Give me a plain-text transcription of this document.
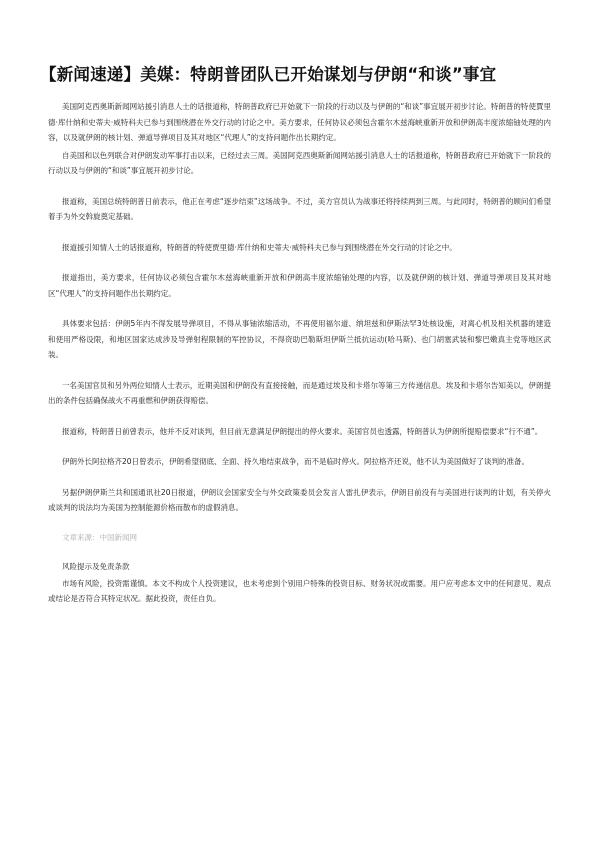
【新闻速递】美媒：特朗普团队已开始谋划与伊朗“和谈”事宜

美国阿克西奥斯新闻网站援引消息人士的话报道称，特朗普政府已开始就下一阶段的行动以及与伊朗的“和谈”事宜展开初步讨论。特朗普的特使賈里德·库什纳和史蒂夫·威特科夫已参与到围绕潜在外交行动的讨论之中。美方要求，任何协议必须包含霍尔木兹海峡重新开放和伊朗高丰度浓缩铀处理的内容，以及就伊朗的核计划、弹道导弹项目及其对地区“代理人”的支持问题作出长期约定。

自美国和以色列联合对伊朗发动军事打击以来，已经过去三周。美国阿克西奥斯新闻网站援引消息人士的话报道称，特朗普政府已开始就下一阶段的行动以及与伊朗的“和谈”事宜展开初步讨论。

报道称，美国总统特朗普日前表示，他正在考虑“逐步结束”这场战争。不过，美方官员认为战事还将持续两到三周。与此同时，特朗普的顾问们希望着手为外交斡旋奠定基础。

报道援引知情人士的话报道称，特朗普的特使贾里德·库什纳和史蒂夫·威特科夫已参与到围绕潜在外交行动的讨论之中。

报道指出，美方要求，任何协议必须包含霍尔木兹海峡重新开放和伊朗高丰度浓缩铀处理的内容，以及就伊朗的核计划、弹道导弹项目及其对地区“代理人”的支持问题作出长期约定。

具体要求包括：伊朗5年内不得发展导弹项目，不得从事铀浓缩活动，不再使用福尔道、纳坦兹和伊斯法罕3处核设施，对离心机及相关机器的建造和使用严格设限，和地区国家达成涉及导弹射程限制的军控协议，不得资助巴勒斯坦伊斯兰抵抗运动(哈马斯)、也门胡塞武装和黎巴嫩真主党等地区武装。

一名美国官员和另外两位知情人士表示，近期美国和伊朗没有直接接触，而是通过埃及和卡塔尔等第三方传递信息。埃及和卡塔尔告知美以，伊朗提出的条件包括确保战火不再重燃和伊朗获得赔偿。

报道称，特朗普日前曾表示，他并不反对谈判，但目前无意满足伊朗提出的停火要求。美国官员也透露，特朗普认为伊朗所提赔偿要求“行不通”。

伊朗外长阿拉格齐20日曾表示，伊朗希望彻底、全面、持久地结束战争，而不是临时停火。阿拉格齐还说，他不认为美国做好了谈判的准备。

另据伊朗伊斯兰共和国通讯社20日报道，伊朗议会国家安全与外交政策委员会发言人雷扎伊表示，伊朗目前没有与美国进行谈判的计划，有关停火或谈判的说法均为美国为控制能源价格而散布的虚假消息。

文章来源：中国新闻网

风险提示及免责条款

市场有风险，投资需谨慎。本文不构成个人投资建议，也未考虑到个别用户特殊的投资目标、财务状况或需要。用户应考虑本文中的任何意见、观点或结论是否符合其特定状况。据此投资，责任自负。
